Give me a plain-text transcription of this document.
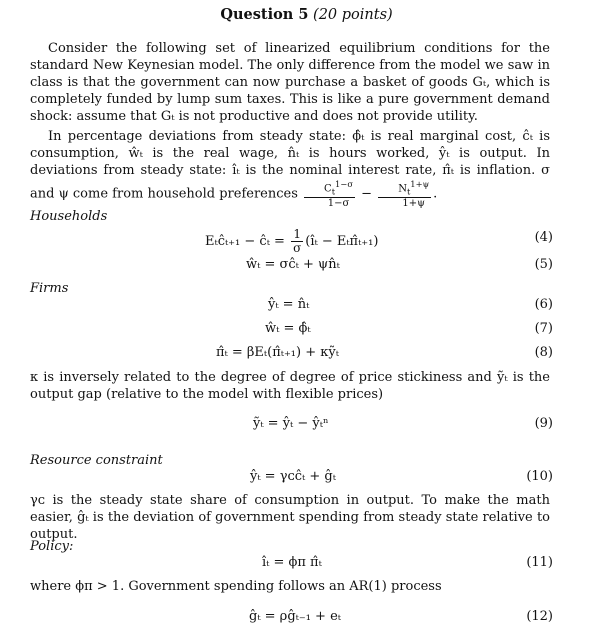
Question 5 (20 points)
Consider the following set of linearized equilibrium conditions for the standard New Keynesian model. The only difference from the model we saw in class is that the government can now purchase a basket of goods Gₜ, which is completely funded by lump sum taxes. This is like a pure government demand shock: assume that Gₜ is not productive and does not provide utility.
In percentage deviations from steady state: ϕ̂ₜ is real marginal cost, ĉₜ is consumption, ŵₜ is the real wage, n̂ₜ is hours worked, ŷₜ is output. In deviations from steady state: îₜ is the nominal interest rate, π̂ₜ is inflation. σ and ψ come from household preferences $\frac{C_t^{1-\sigma}}{1-\sigma} - \frac{N_t^{1+\psi}}{1+\psi}$ .
Households
Eₜĉₜ₊₁ − ĉₜ = $\frac{1}{\sigma}$ (îₜ − Eₜπ̂ₜ₊₁)	(4)
ŵₜ = σĉₜ + ψn̂ₜ	(5)
Firms
ŷₜ = n̂ₜ	(6)
ŵₜ = ϕ̂ₜ	(7)
π̂ₜ = βEₜ(π̂ₜ₊₁) + κỹₜ	(8)
κ is inversely related to the degree of degree of price stickiness and ỹₜ is the output gap (relative to the model with flexible prices)
ỹₜ = ŷₜ − ŷₜⁿ	(9)
Resource constraint
ŷₜ = γᴄĉₜ + ĝₜ	(10)
γᴄ is the steady state share of consumption in output. To make the math easier, ĝₜ is the deviation of government spending from steady state relative to output.
Policy:
îₜ = ϕπ π̂ₜ	(11)
where ϕπ > 1. Government spending follows an AR(1) process
ĝₜ = ρĝₜ₋₁ + eₜ	(12)
